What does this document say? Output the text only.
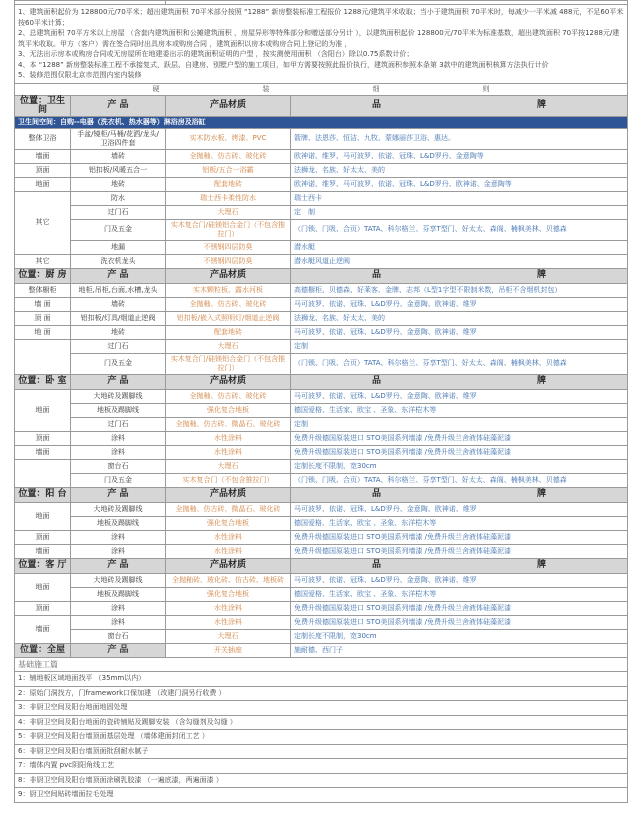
1、建筑面积起价为 128800元/70平米；超出建筑面积 70平米部分按照 “1288” 新房整装标准工程报价 1288元/建筑平米收取；当小于建筑面积 70平米时，每减少一平米减 488元，不足60平米按60平米计算；
2、总建筑面积 70平方米以上房屋 （含套内建筑面积和公摊建筑面积 ，房屋异形等特殊部分和赠送部分另计 ），以建筑面积起价 128800元/70平米为标准基数，超出建筑面积 70平按1288元/建筑平米收取。甲方（客户）需在签合同时出具房本或购房合同 ，建筑面积以房本或购房合同上登记的为准 ，
3、无法出示房本或购房合同或无房屋所在地建委出示的建筑面积证明的户型 ，按实测使用面积 （含阳台）除以0.75系数计价；
4、本 “1288” 新房整装标准工程不承接复式，跃层、自建房、别墅户型的施工项目，如甲方需要按照此报价执行，建筑面积参照本条第 3款中的建筑面积核算方法执行计价
5、装修范围仅限北京市范围内室内装修			

硬 装 细 则			
位置：卫生间	产 品	产品材质	品 牌

卫生间空间：自购--电器（洗衣机、热水器等）淋浴房及浴缸			
整体卫浴	手盆/镜柜/马桶/花洒/龙头/卫浴四件套	实木防水板、烤漆、PVC	箭牌、法恩莎、恒洁、九牧、蒙娜丽莎卫浴、惠达。
墙面	墙砖	全抛釉、仿古砖、玻化砖	欧神诺、维罗、马可波罗、依诺、冠珠、L&D罗丹、金意陶等
顶面	铝扣板/风暖五合一	铝板/五合一浴霸	法狮龙、名族、好太太、美的
地面	地砖	配套地砖	欧神诺、维罗、马可波罗、依诺、冠珠、L&D罗丹、欧神诺、金意陶等
其它	防水	瑞士西卡柔性防水	瑞士西卡
	过门石	大理石	定　制
	门及五金	实木复合门/硅镁铝合金门（不包含推拉门）	（门锁、门吸、合页）TATA、科尔格兰、芬享T型门、好太太、森阁、楠枫美林、贝德森
	地漏	不锈钢四层防臭	潜水艇
其它	洗衣机龙头	不锈钢四层防臭	潜水艇风道止逆阀
位置：厨 房	产 品	产品材质	品 牌

整体橱柜	地柜,吊柜,台面,水槽,龙头	实木颗粒板、露水河板	高德橱柜、贝德森、好莱客、金牌、志邦（L型1字型不限制米数，吊柜不含烟机封包）
墙 面	墙砖	全抛釉、仿古砖、玻化砖	马可波罗、依诺、冠珠、L&D罗丹、金意陶、欧神诺、维罗
顶 面	铝扣板/灯具/烟道止逆阀	铝扣板/嵌入式照明灯/烟道止逆阀	法狮龙、名族、好太太、美的
地 面	地砖	配套地砖	马可波罗、依诺、冠珠、L&D罗丹、金意陶、欧神诺、维罗
	过门石	大理石	定制
	门及五金	实木复合门/硅镁铝合金门（不包含推拉门）	（门锁、门吸、合页）TATA、科尔格兰、芬享T型门、好太太、森阁、楠枫美林、贝德森
位置：卧 室	产 品	产品材质	品 牌

地面	大地砖及踢脚线	全抛釉、仿古砖、玻化砖	马可波罗、依诺、冠珠、L&D罗丹、金意陶、欧神诺、维罗
	地板及踢脚线	强化复合地板	德国爱格、生活家、欧宝 、圣象、东洋桤木等
	过门石	全抛釉、仿古砖、微晶石、玻化砖	定制
顶面	涂料	水性涂料	免费升级德国原装进口 STO美国系列墙漆 /免费升级兰舍液体硅藻泥漆
墙面	涂料	水性涂料	免费升级德国原装进口 STO美国系列墙漆 /免费升级兰舍液体硅藻泥漆
	窗台石	大理石	定制长度不限制，宽30cm
	门及五金	实木复合门（不包含推拉门）	（门锁、门吸、合页）TATA、科尔格兰、芬享T型门、好太太、森阁、楠枫美林、贝德森
位置：阳 台	产 品	产品材质	品 牌

地面	大地砖及踢脚线	全抛釉、仿古砖、微晶石、玻化砖	马可波罗、依诺、冠珠、L&D罗丹、金意陶、欧神诺、维罗
	地板及踢脚线	强化复合地板	德国爱格、生活家、欧宝 、圣象、东洋桤木等
顶面	涂料	水性涂料	免费升级德国原装进口 STO美国系列墙漆 /免费升级兰舍液体硅藻泥漆
墙面	涂料	水性涂料	免费升级德国原装进口 STO美国系列墙漆 /免费升级兰舍液体硅藻泥漆
位置：客 厅	产 品	产品材质	品 牌

地面	大地砖及踢脚线	全抛釉砖、玻化砖、仿古砖、地板砖	马可波罗、依诺、冠珠、L&D罗丹、金意陶、欧神诺、维罗
	地板及踢脚线	强化复合地板	德国爱格、生活家、欧宝 、圣象、东洋桤木等
顶面	涂料	水性涂料	免费升级德国原装进口 STO美国系列墙漆 /免费升级兰舍液体硅藻泥漆
墙面	涂料	水性涂料	免费升级德国原装进口 STO美国系列墙漆 /免费升级兰舍液体硅藻泥漆
	窗台石	大理石	定制长度不限制，宽30cm
位置：全屋	产 品	开关插座	施耐德、西门子
基础施工篇			
1：铺地板区域地面找平 （35mm以内）			
2：原始门洞找方，门framework口保加建 （改建门洞另行收费 ）			
3：非厨卫空间及阳台地面地固处理			
4：非厨卫空间及阳台地面的瓷砖铺贴及踢脚安装 （含勾缝剂及勾缝 ）			
5：非厨卫空间及阳台墙顶面基层处理 （墙体建面封闭工艺 ）			
6：非厨卫空间及阳台墙顶面批刮耐水腻子			
7：墙体内置 pvc阴阳角线工艺			
8：非厨卫空间及阳台墙顶面涂刷乳胶漆 （一遍底漆，两遍面漆 ）			
9：厨卫空间贴砖墙面拉毛处理			
